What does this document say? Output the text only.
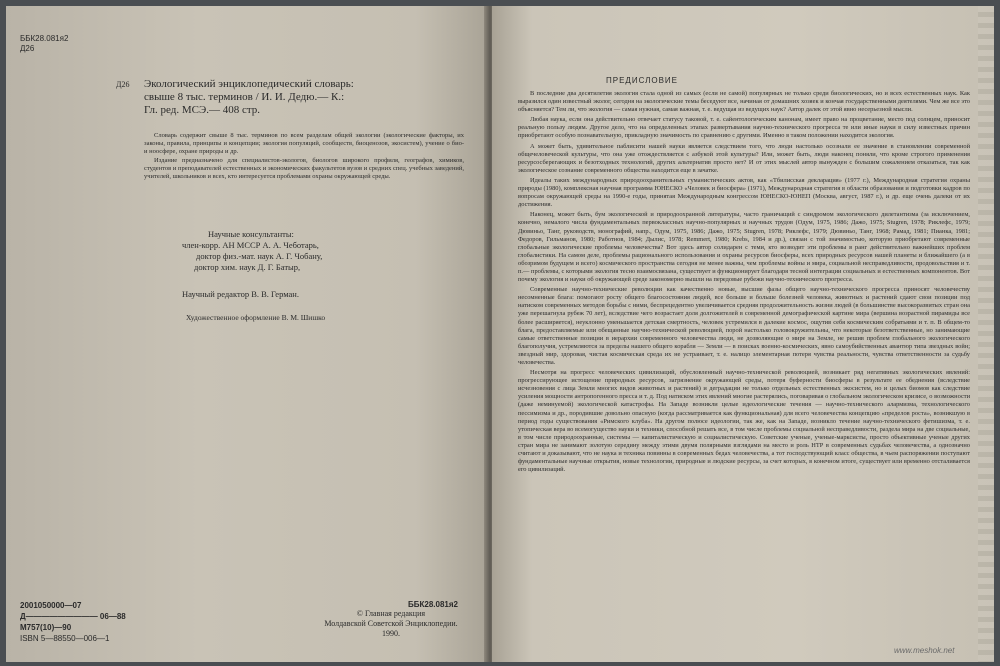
ББК28.081я2
Д26
Д26 Экологический энциклопедический словарь:
свыше 8 тыс. терминов / И. И. Дедю.— К.:
Гл. ред. МСЭ.— 408 стр.

Словарь содержит свыше 8 тыс. терминов по всем разделам общей экологии (экологические факторы, их законы, правила, принципы и концепции; экология популяций, сообществ, биоценозов, экосистем), учение о био- и ноосфере, охране природы и др.

Издание предназначено для специалистов-экологов, биологов широкого профиля, географов, химиков, студентов и преподавателей естественных и экономических факультетов вузов и средних спец. учебных заведений, учителей, школьников и всех, кто интересуется проблемами охраны окружающей среды.

Научные консультанты:
член-корр. АН МССР А. А. Чеботарь,
доктор физ.-мат. наук А. Г. Чобану,
доктор хим. наук Д. Г. Батыр,
Научный редактор В. В. Герман.
Художественное оформление В. М. Шишко
2001050000—07
Д————————— 06—88
М757(10)—90
ISBN 5—88550—006—1
ББК28.081я2
© Главная редакция
Молдавской Советской Энциклопедии.
1990.
ПРЕДИСЛОВИЕ

В последние два десятилетия экология стала одной из самых (если не самой) популярных не только среди биологических, но и всех естественных наук. Как выразился один известный эколог, сегодня на экологические темы беседуют все, начиная от домашних хозяек и кончая государственными деятелями. Чем же все это объясняется? Тем ли, что экология — самая нужная, самая важная, т. е. ведущая из ведущих наук? Автор далек от этой явно несерьезной мысли.

Любая наука, если она действительно отвечает статусу таковой, т. е. сайентологическим канонам, имеет право на процветание, место под солнцем, приносит реальную пользу людям. Другое дело, что на определенных этапах развертывания научно-технического прогресса те или иные науки в силу известных причин приобретают особую познавательную, прикладную значимость по сравнению с другими. Именно в таком положении находится экология.

А может быть, удивительное паблисити нашей науки является следствием того, что люди настолько осознали ее значение в становлении современной общечеловеческой культуры, что она уже отождествляется с азбукой этой культуры? Или, может быть, люди наконец поняли, что кроме строгого применения ресурсосберегающих и безотходных технологий, других альтернатив просто нет? И от этих мыслей автор вынужден с большим сожалением отказаться, так как экологическое сознание современного общества находится еще в зачатке.

Идеалы таких международных природоохранительных гуманистических актов, как «Тбилисская декларация» (1977 г.), Международная стратегия охраны природы (1980), комплексная научная программа ЮНЕСКО «Человек и биосфера» (1971), Международная стратегия в области образования и подготовки кадров по вопросам окружающей среды на 1990-е годы, принятая Международным конгрессом ЮНЕСКО-ЮНЕП (Москва, август, 1987 г.), и др. еще очень далеки от их достижения.

Наконец, может быть, бум экологической и природоохранной литературы, часто граничащий с синдромом экологического дилетантизма (за исключением, конечно, немалого числа фундаментальных первоклассных научно-популярных и научных трудов (Одум, 1975, 1986; Дажо, 1975; Stugren, 1978; Риклефс, 1979; Дювиньо, Танг, руководств, монографий, напр., Одум, 1975, 1986; Дажо, 1975; Stugren, 1978; Риклефс, 1979; Дювиньо, Танг, 1968; Рамад, 1981; Пианка, 1981; Федоров, Гильманов, 1980; Работнов, 1984; Дылис, 1978; Remmert, 1980; Krebs, 1984 и др.), связан с той значимостью, которую приобретают современные глобальные экологические проблемы человечества? Вот здесь автор солидарен с теми, кто возводит эти проблемы в ранг действительно важнейших проблем глобалистики. На самом деле, проблемы рационального использования и охраны ресурсов биосферы, всех природных ресурсов нашей планеты и ближайшего (а в обозримом будущем и всего) космического пространства сегодня не менее важны, чем проблемы войны и мира, социальной несправедливости, продовольствия и т. п.— проблемы, с которыми экология тесно взаимосвязана, существует и функционирует благодаря тесной интеграции социальных и естественных компонентов. Вот почему экология и науки об окружающей среде закономерно вышли на передовые рубежи научно-технического прогресса.

Современные научно-технические революции как качественно новые, высшие фазы общего научно-технического прогресса приносят человечеству несомненные блага: помогают росту общего благосостояния людей, все больше и больше болезней человека, животных и растений сдают свои позиции под натиском современных методов борьбы с ними, беспрецедентно увеличивается средняя продолжительность жизни людей (в большинстве высокоразвитых стран она уже перешагнула рубеж 70 лет), вследствие чего возрастает доля долгожителей в современной демографической картине мира (вершина возрастной пирамиды все более расширяется), неуклонно уменьшается детская смертность, человек устремился в далекие космос, ощутив себя космическим собратьями и т. п. В общем-то блага, предоставляемые или обещанные научно-технической революцией, порой настолько головокружительны, что некоторые безответственные, но занимающие самые ответственные позиции в иерархии современного человечества люди, не дозволяющие о мире на Земле, не решив проблем глобального экологического благополучия, устремляются за пределы нашего общего корабля — Земли — в поисках военно-космических, явно самоубийственных авантюр типа звездных войн; звездный мир, здоровая, чистая космическая среда их не устраивает, т. е. налицо элементарная потеря чувства реальности, чувства ответственности за судьбу человечества.

Несмотря на прогресс человеческих цивилизаций, обусловленный научно-технической революцией, возникает ряд негативных экологических явлений: прогрессирующее истощение природных ресурсов, загрязнение окружающей среды, потеря буферности биосферы в результате ее обеднения (вследствие исчезновения с лица Земли многих видов животных и растений) и деградации не только отдельных естественных экосистем, но и целых биомов как следствие усиления мощности антропогенного пресса и т. д. Под натиском этих явлений многие растерялись, поговаривая о глобальном экологическом кризисе, о возможности (даже неминуемой) экологической катастрофы. На Западе возникли целые идеологические течения — научно-технического алармизма, технологического пессимизма и др., породившие довольно опасную (когда рассматривается как функциональная) для всего человечества концепцию «пределов роста», возникшую в период годы существования «Римского клуба». На другом полюсе идеологии, так же, как на Западе, возникло течение научно-технического фетишизма, т. е. утопическая вера во всемогущество науки и техники, способной решать все, в том числе проблемы социальной несправедливости, раздела мира на две социальные, в том числе природоохранные, системы — капиталистическую и социалистическую. Советские ученые, ученые-марксисты, просто объективные ученые других стран мира не занимают золотую середину между этими двумя полярными взглядами на место и роль НТР в современных судьбах человечества, а однозначно считают и доказывают, что не наука и техника повинны в современных бедах человечества, а тот господствующий класс общества, в чьем распоряжении поступают фундаментальные научные открытия, новые технологии, природные и людские ресурсы, за счет которых, в конечном итоге, существует или временно отсталивается его цивилизаций.

www.meshok.net
